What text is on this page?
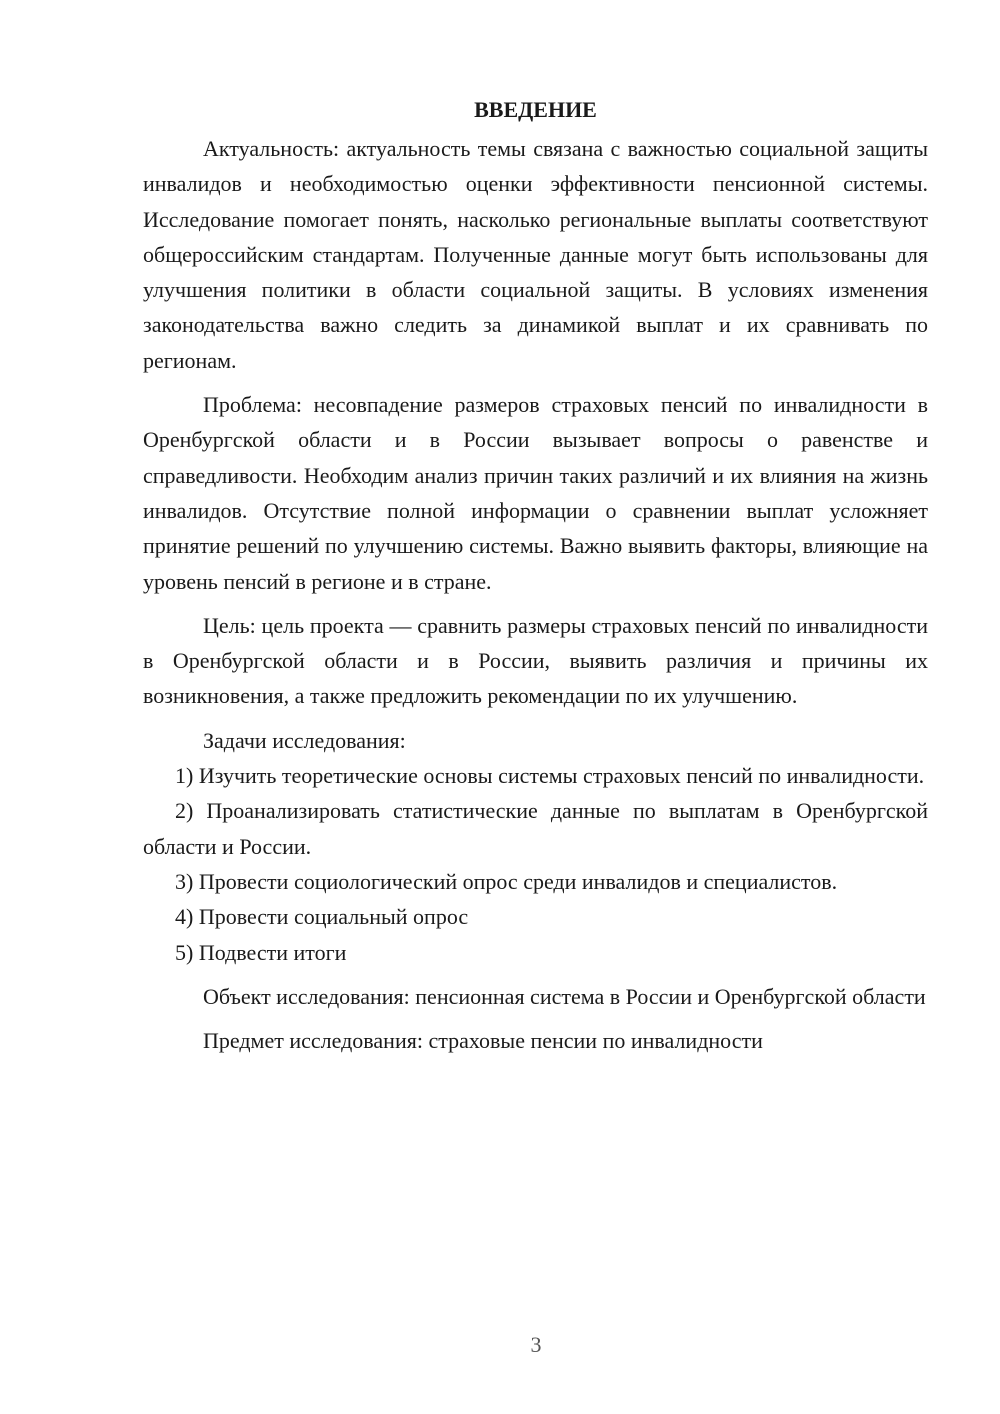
ВВЕДЕНИЕ

Актуальность: актуальность темы связана с важностью социальной защиты инвалидов и необходимостью оценки эффективности пенсионной системы. Исследование помогает понять, насколько региональные выплаты соответствуют общероссийским стандартам. Полученные данные могут быть использованы для улучшения политики в области социальной защиты. В условиях изменения законодательства важно следить за динамикой выплат и их сравнивать по регионам.

Проблема: несовпадение размеров страховых пенсий по инвалидности в Оренбургской области и в России вызывает вопросы о равенстве и справедливости. Необходим анализ причин таких различий и их влияния на жизнь инвалидов. Отсутствие полной информации о сравнении выплат усложняет принятие решений по улучшению системы. Важно выявить факторы, влияющие на уровень пенсий в регионе и в стране.

Цель: цель проекта — сравнить размеры страховых пенсий по инвалидности в Оренбургской области и в России, выявить различия и причины их возникновения, а также предложить рекомендации по их улучшению.

Задачи исследования:

1) Изучить теоретические основы системы страховых пенсий по инвалидности.

2) Проанализировать статистические данные по выплатам в Оренбургской области и России.

3) Провести социологический опрос среди инвалидов и специалистов.

4) Провести социальный опрос

5) Подвести итоги

Объект исследования: пенсионная система в России и Оренбургской области

Предмет исследования: страховые пенсии по инвалидности

3
